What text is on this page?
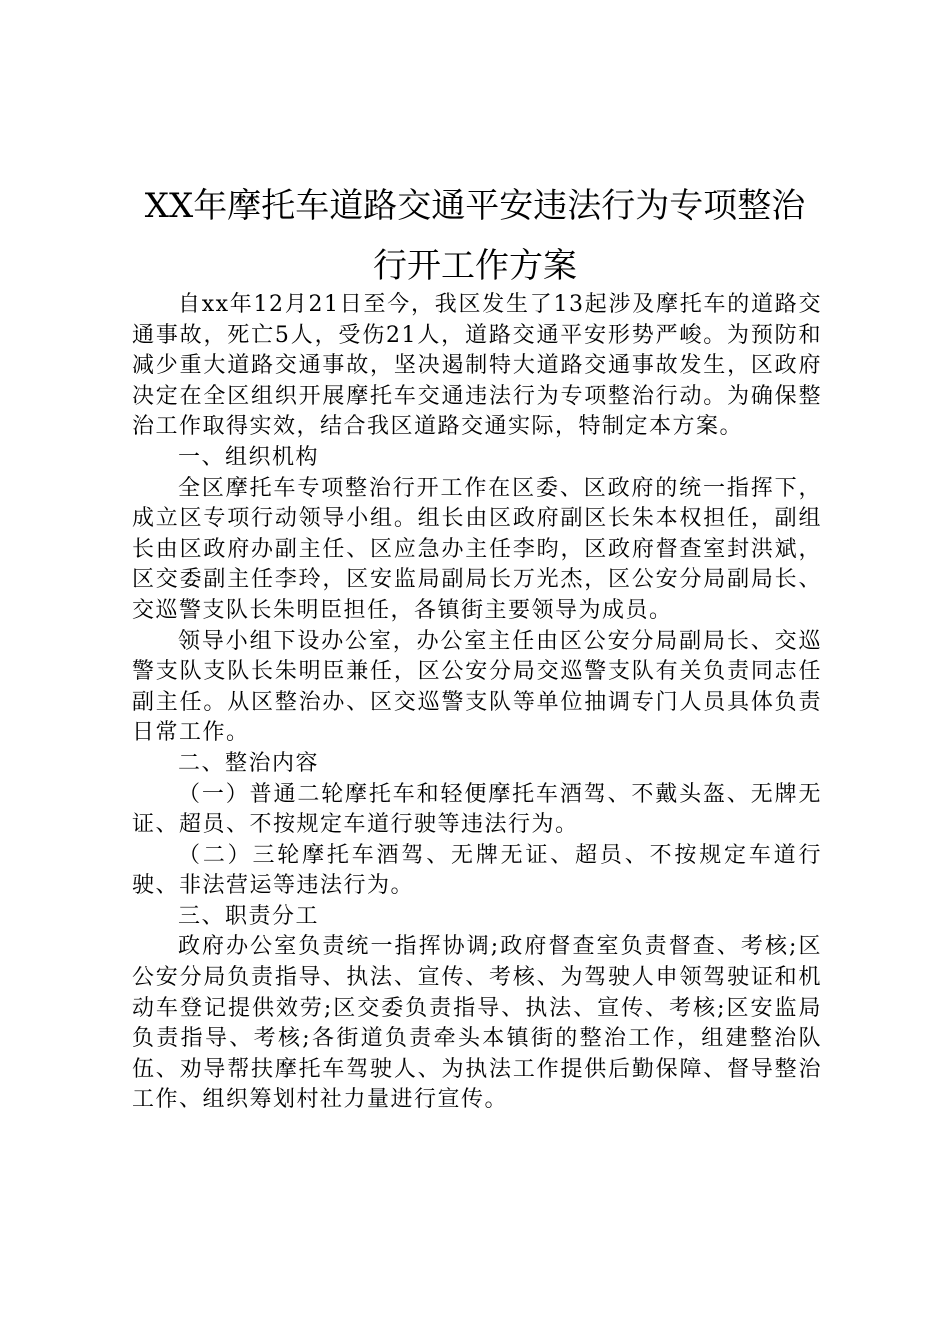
XX年摩托车道路交通平安违法行为专项整治
行开工作方案

自xx年12月21日至今，我区发生了13起涉及摩托车的道路交通事故，死亡5人，受伤21人，道路交通平安形势严峻。为预防和减少重大道路交通事故，坚决遏制特大道路交通事故发生，区政府决定在全区组织开展摩托车交通违法行为专项整治行动。为确保整治工作取得实效，结合我区道路交通实际，特制定本方案。

一、组织机构

全区摩托车专项整治行开工作在区委、区政府的统一指挥下，成立区专项行动领导小组。组长由区政府副区长朱本权担任，副组长由区政府办副主任、区应急办主任李昀，区政府督查室封洪斌，区交委副主任李玲，区安监局副局长万光杰，区公安分局副局长、交巡警支队长朱明臣担任，各镇街主要领导为成员。

领导小组下设办公室，办公室主任由区公安分局副局长、交巡警支队支队长朱明臣兼任，区公安分局交巡警支队有关负责同志任副主任。从区整治办、区交巡警支队等单位抽调专门人员具体负责日常工作。

二、整治内容

（一）普通二轮摩托车和轻便摩托车酒驾、不戴头盔、无牌无证、超员、不按规定车道行驶等违法行为。

（二）三轮摩托车酒驾、无牌无证、超员、不按规定车道行驶、非法营运等违法行为。

三、职责分工

政府办公室负责统一指挥协调;政府督查室负责督查、考核;区公安分局负责指导、执法、宣传、考核、为驾驶人申领驾驶证和机动车登记提供效劳;区交委负责指导、执法、宣传、考核;区安监局负责指导、考核;各街道负责牵头本镇街的整治工作，组建整治队伍、劝导帮扶摩托车驾驶人、为执法工作提供后勤保障、督导整治工作、组织筹划村社力量进行宣传。
